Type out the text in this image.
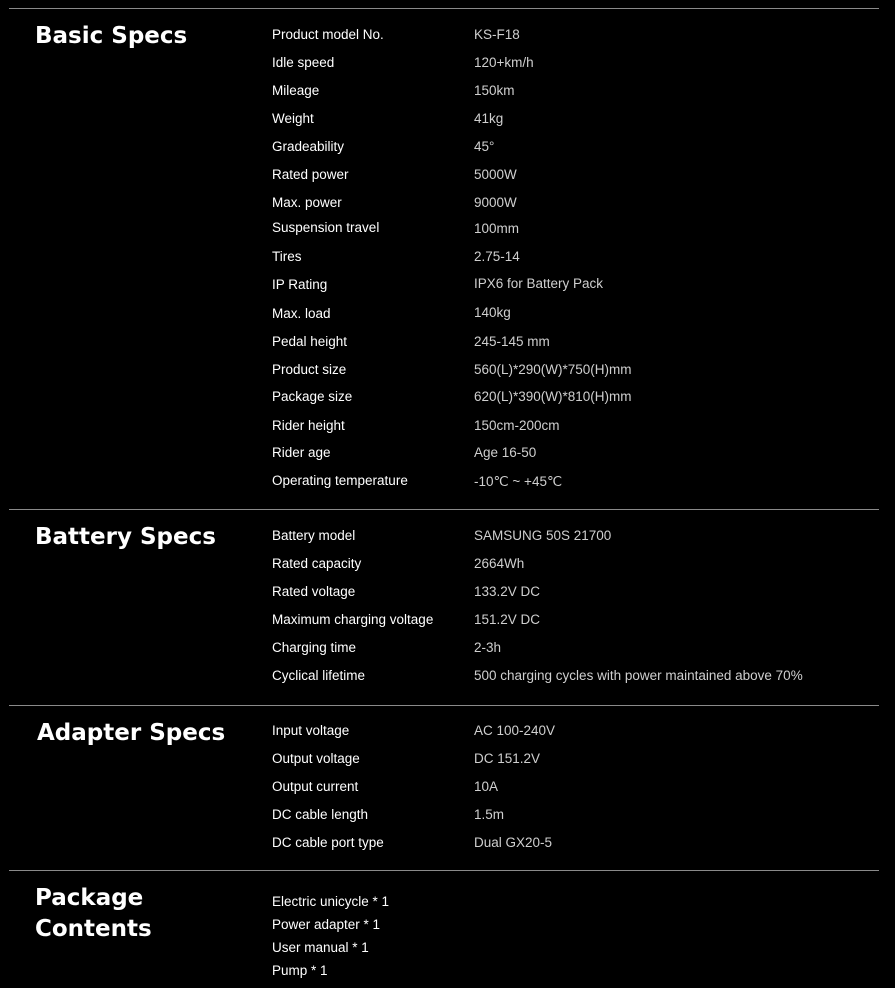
Basic Specs	Product model No.	KS-F18
Idle speed	120+km/h
Mileage	150km
Weight	41kg
Gradeability	45°
Rated power	5000W
Max. power	9000W
Suspension travel	100mm
Tires	2.75-14
IP Rating	IPX6 for Battery Pack
Max. load	140kg
Pedal height	245-145 mm
Product size	560(L)*290(W)*750(H)mm
Package size	620(L)*390(W)*810(H)mm
Rider height	150cm-200cm
Rider age	Age 16-50
Operating temperature	-10℃ ~ +45℃
Battery Specs	Battery model	SAMSUNG 50S 21700
Rated capacity	2664Wh
Rated voltage	133.2V DC
Maximum charging voltage	151.2V DC
Charging time	2-3h
Cyclical lifetime	500 charging cycles with power maintained above 70%
Adapter Specs	Input voltage	AC 100-240V
Output voltage	DC 151.2V
Output current	10A
DC cable length	1.5m
DC cable port type	Dual GX20-5
Package
Contents
Electric unicycle * 1
Power adapter * 1
User manual * 1
Pump * 1
